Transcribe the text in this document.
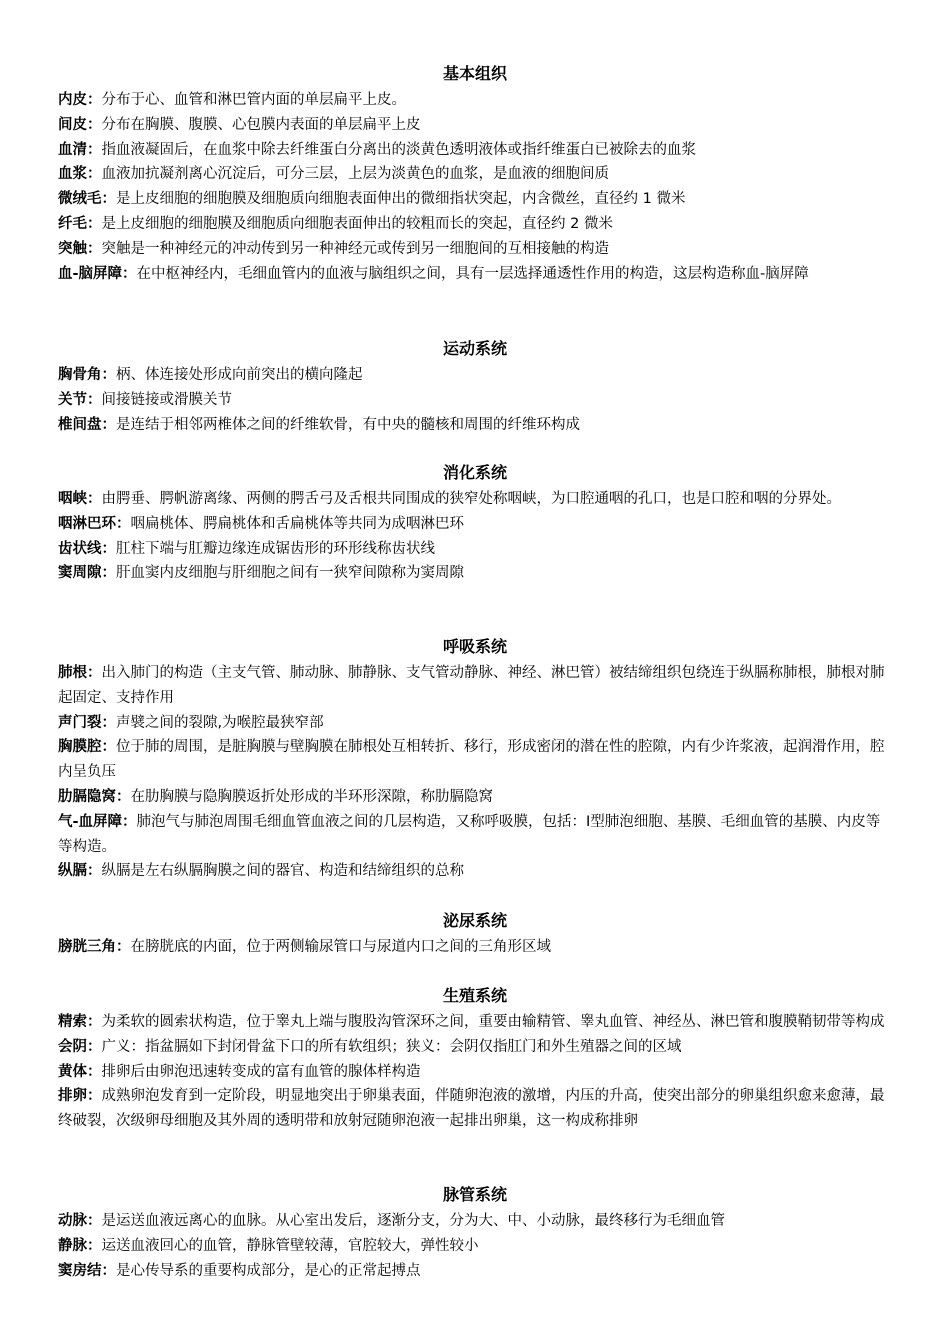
基本组织

内皮：分布于心、血管和淋巴管内面的单层扁平上皮。

间皮：分布在胸膜、腹膜、心包膜内表面的单层扁平上皮

血清：指血液凝固后，在血浆中除去纤维蛋白分离出的淡黄色透明液体或指纤维蛋白已被除去的血浆

血浆：血液加抗凝剂离心沉淀后，可分三层，上层为淡黄色的血浆，是血液的细胞间质

微绒毛：是上皮细胞的细胞膜及细胞质向细胞表面伸出的微细指状突起，内含微丝，直径约 1 微米

纤毛：是上皮细胞的细胞膜及细胞质向细胞表面伸出的较粗而长的突起，直径约 2 微米

突触：突触是一种神经元的冲动传到另一种神经元或传到另一细胞间的互相接触的构造

血-脑屏障：在中枢神经内，毛细血管内的血液与脑组织之间，具有一层选择通透性作用的构造，这层构造称血-脑屏障

运动系统

胸骨角：柄、体连接处形成向前突出的横向隆起

关节：间接链接或滑膜关节

椎间盘：是连结于相邻两椎体之间的纤维软骨，有中央的髓核和周围的纤维环构成

消化系统

咽峡：由腭垂、腭帆游离缘、两侧的腭舌弓及舌根共同围成的狭窄处称咽峡，为口腔通咽的孔口，也是口腔和咽的分界处。

咽淋巴环：咽扁桃体、腭扁桃体和舌扁桃体等共同为成咽淋巴环

齿状线：肛柱下端与肛瓣边缘连成锯齿形的环形线称齿状线

窦周隙：肝血窦内皮细胞与肝细胞之间有一狭窄间隙称为窦周隙

呼吸系统

肺根：出入肺门的构造（主支气管、肺动脉、肺静脉、支气管动静脉、神经、淋巴管）被结缔组织包绕连于纵膈称肺根，肺根对肺起固定、支持作用

声门裂：声襞之间的裂隙,为喉腔最狭窄部

胸膜腔：位于肺的周围，是脏胸膜与壁胸膜在肺根处互相转折、移行，形成密闭的潜在性的腔隙，内有少许浆液，起润滑作用，腔内呈负压

肋膈隐窝：在肋胸膜与隐胸膜返折处形成的半环形深隙，称肋膈隐窝

气-血屏障：肺泡气与肺泡周围毛细血管血液之间的几层构造，又称呼吸膜，包括：Ⅰ型肺泡细胞、基膜、毛细血管的基膜、内皮等等构造。

纵膈：纵膈是左右纵膈胸膜之间的器官、构造和结缔组织的总称

泌尿系统

膀胱三角：在膀胱底的内面，位于两侧输尿管口与尿道内口之间的三角形区域

生殖系统

精索：为柔软的圆索状构造，位于睾丸上端与腹股沟管深环之间，重要由输精管、睾丸血管、神经丛、淋巴管和腹膜鞘韧带等构成

会阴：广义：指盆膈如下封闭骨盆下口的所有软组织；狭义：会阴仅指肛门和外生殖器之间的区域

黄体：排卵后由卵泡迅速转变成的富有血管的腺体样构造

排卵：成熟卵泡发育到一定阶段，明显地突出于卵巢表面，伴随卵泡液的激增，内压的升高，使突出部分的卵巢组织愈来愈薄，最终破裂，次级卵母细胞及其外周的透明带和放射冠随卵泡液一起排出卵巢，这一构成称排卵

脉管系统

动脉：是运送血液远离心的血脉。从心室出发后，逐渐分支，分为大、中、小动脉，最终移行为毛细血管

静脉：运送血液回心的血管，静脉管壁较薄，官腔较大，弹性较小

窦房结：是心传导系的重要构成部分，是心的正常起搏点
